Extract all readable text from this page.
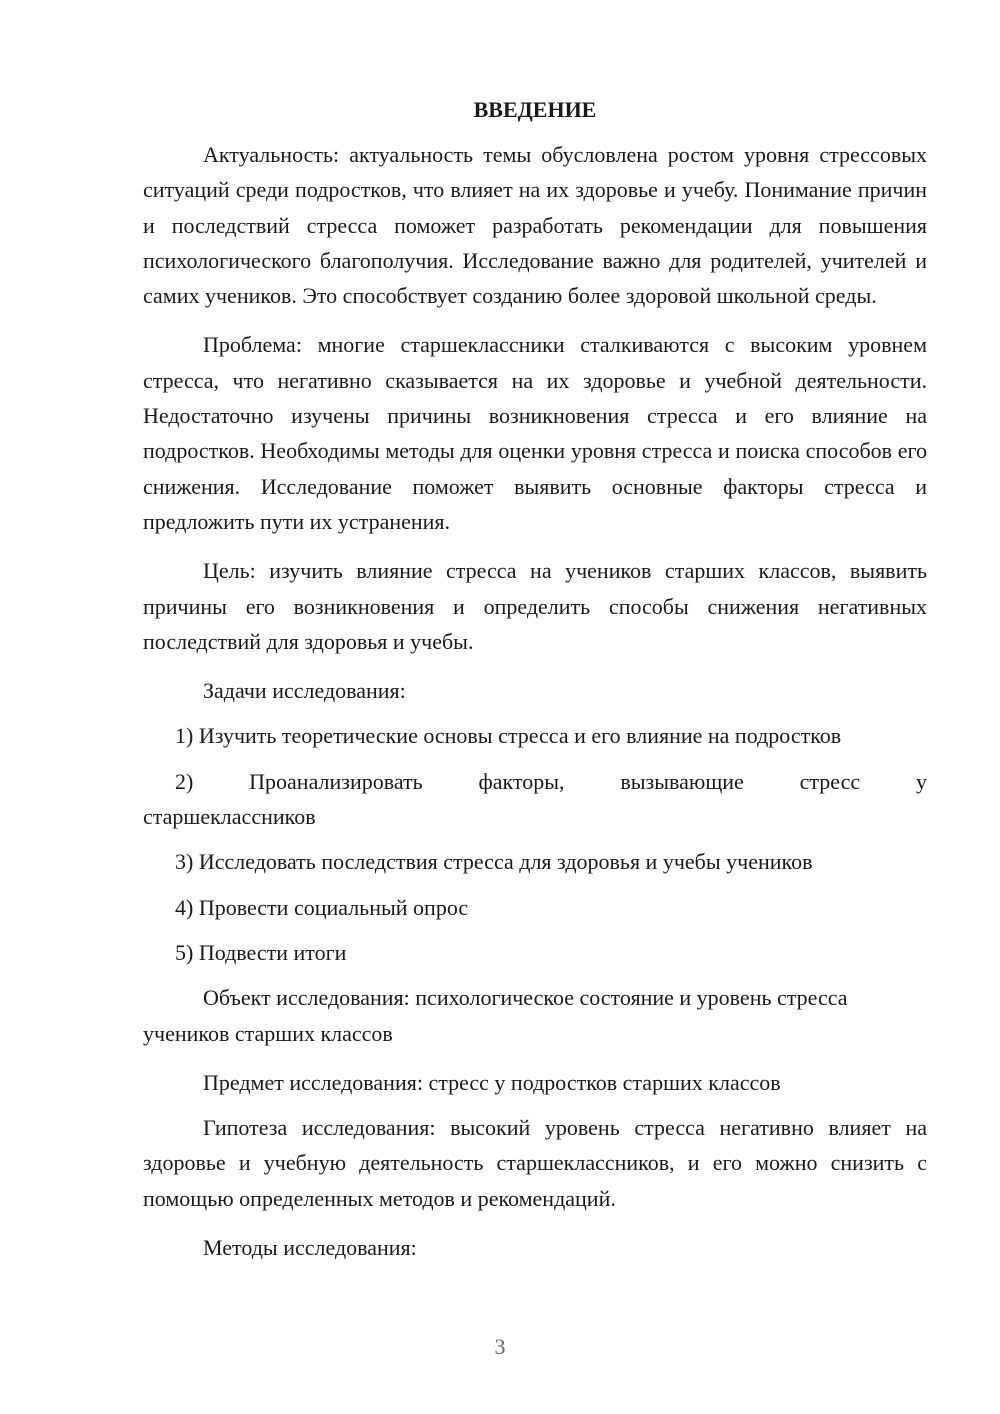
ВВЕДЕНИЕ

Актуальность: актуальность темы обусловлена ростом уровня стрессовых ситуаций среди подростков, что влияет на их здоровье и учебу. Понимание причин и последствий стресса поможет разработать рекомендации для повышения психологического благополучия. Исследование важно для родителей, учителей и самих учеников. Это способствует созданию более здоровой школьной среды.

Проблема: многие старшеклассники сталкиваются с высоким уровнем стресса, что негативно сказывается на их здоровье и учебной деятельности. Недостаточно изучены причины возникновения стресса и его влияние на подростков. Необходимы методы для оценки уровня стресса и поиска способов его снижения. Исследование поможет выявить основные факторы стресса и предложить пути их устранения.

Цель: изучить влияние стресса на учеников старших классов, выявить причины его возникновения и определить способы снижения негативных последствий для здоровья и учебы.

Задачи исследования:

1) Изучить теоретические основы стресса и его влияние на подростков

2)	Проанализировать	факторы,	вызывающие	стресс	у
старшеклассников

3) Исследовать последствия стресса для здоровья и учебы учеников

4) Провести социальный опрос

5) Подвести итоги

Объект исследования: психологическое состояние и уровень стресса учеников старших классов

Предмет исследования: стресс у подростков старших классов

Гипотеза исследования: высокий уровень стресса негативно влияет на здоровье и учебную деятельность старшеклассников, и его можно снизить с помощью определенных методов и рекомендаций.

Методы исследования:

3
